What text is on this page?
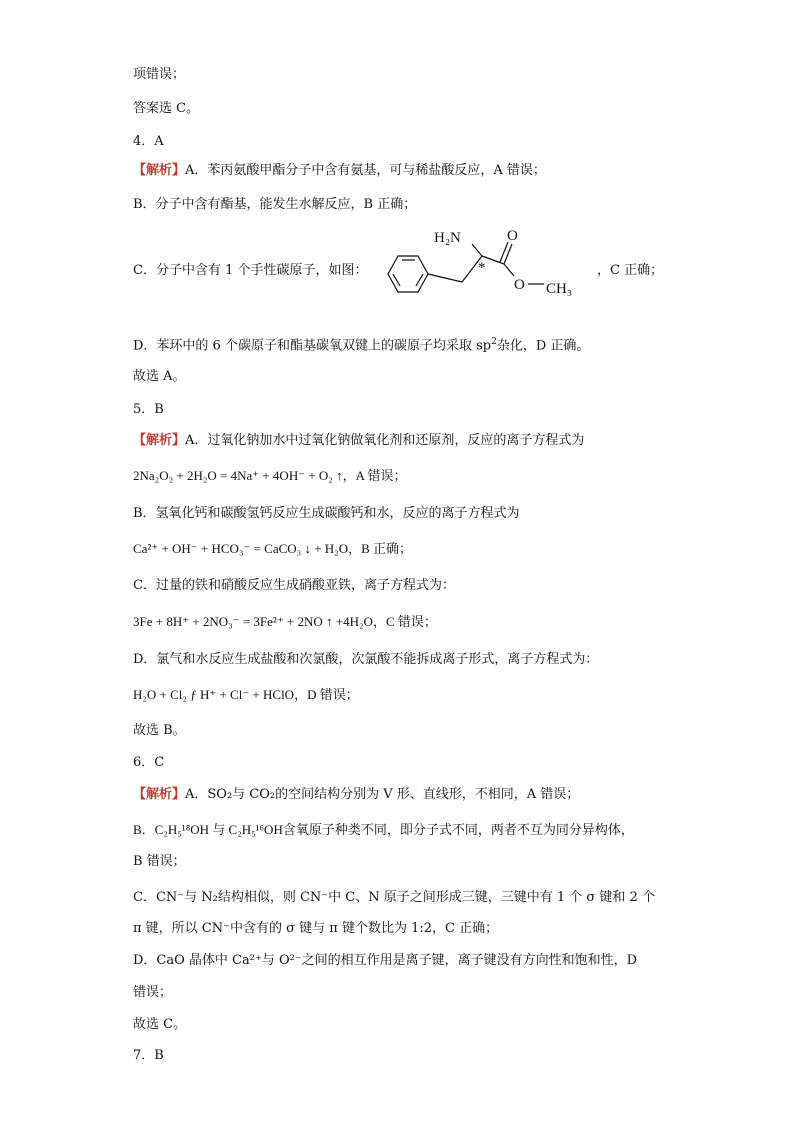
项错误；
答案选 C。
4．A
【解析】A．苯丙氨酸甲酯分子中含有氨基，可与稀盐酸反应，A 错误；
B．分子中含有酯基，能发生水解反应，B 正确；
C．分子中含有 1 个手性碳原子，如图：
H₂N
*
O
O CH₃
，C 正确；
D．苯环中的 6 个碳原子和酯基碳氧双键上的碳原子均采取 $sp^2$杂化，D 正确。
故选 A。
5．B
【解析】A．过氧化钠加水中过氧化钠做氧化剂和还原剂，反应的离子方程式为
2Na₂O₂ + 2H₂O = 4Na⁺ + 4OH⁻ + O₂ ↑，A 错误；
B．氢氧化钙和碳酸氢钙反应生成碳酸钙和水，反应的离子方程式为
Ca²⁺ + OH⁻ + HCO₃⁻ = CaCO₃ ↓ + H₂O，B 正确；
C．过量的铁和硝酸反应生成硝酸亚铁，离子方程式为：
3Fe + 8H⁺ + 2NO₃⁻ = 3Fe²⁺ + 2NO ↑ +4H₂O，C 错误；
D．氯气和水反应生成盐酸和次氯酸，次氯酸不能拆成离子形式，离子方程式为：
H₂O + Cl₂ ƒ H⁺ + Cl⁻ + HClO，D 错误；
故选 B。
6．C
【解析】A．SO₂与 CO₂的空间结构分别为 V 形、直线形，不相同，A 错误；
B．C₂H₅¹⁸OH 与 C₂H₅¹⁶OH含氧原子种类不同，即分子式不同，两者不互为同分异构体，
B 错误；
C．CN⁻与 N₂结构相似，则 CN⁻中 C、N 原子之间形成三键，三键中有 1 个 σ 键和 2 个
π 键，所以 CN⁻中含有的 σ 键与 π 键个数比为 1:2，C 正确；
D．CaO 晶体中 Ca²⁺与 O²⁻之间的相互作用是离子键，离子键没有方向性和饱和性，D
错误；
故选 C。
7．B
